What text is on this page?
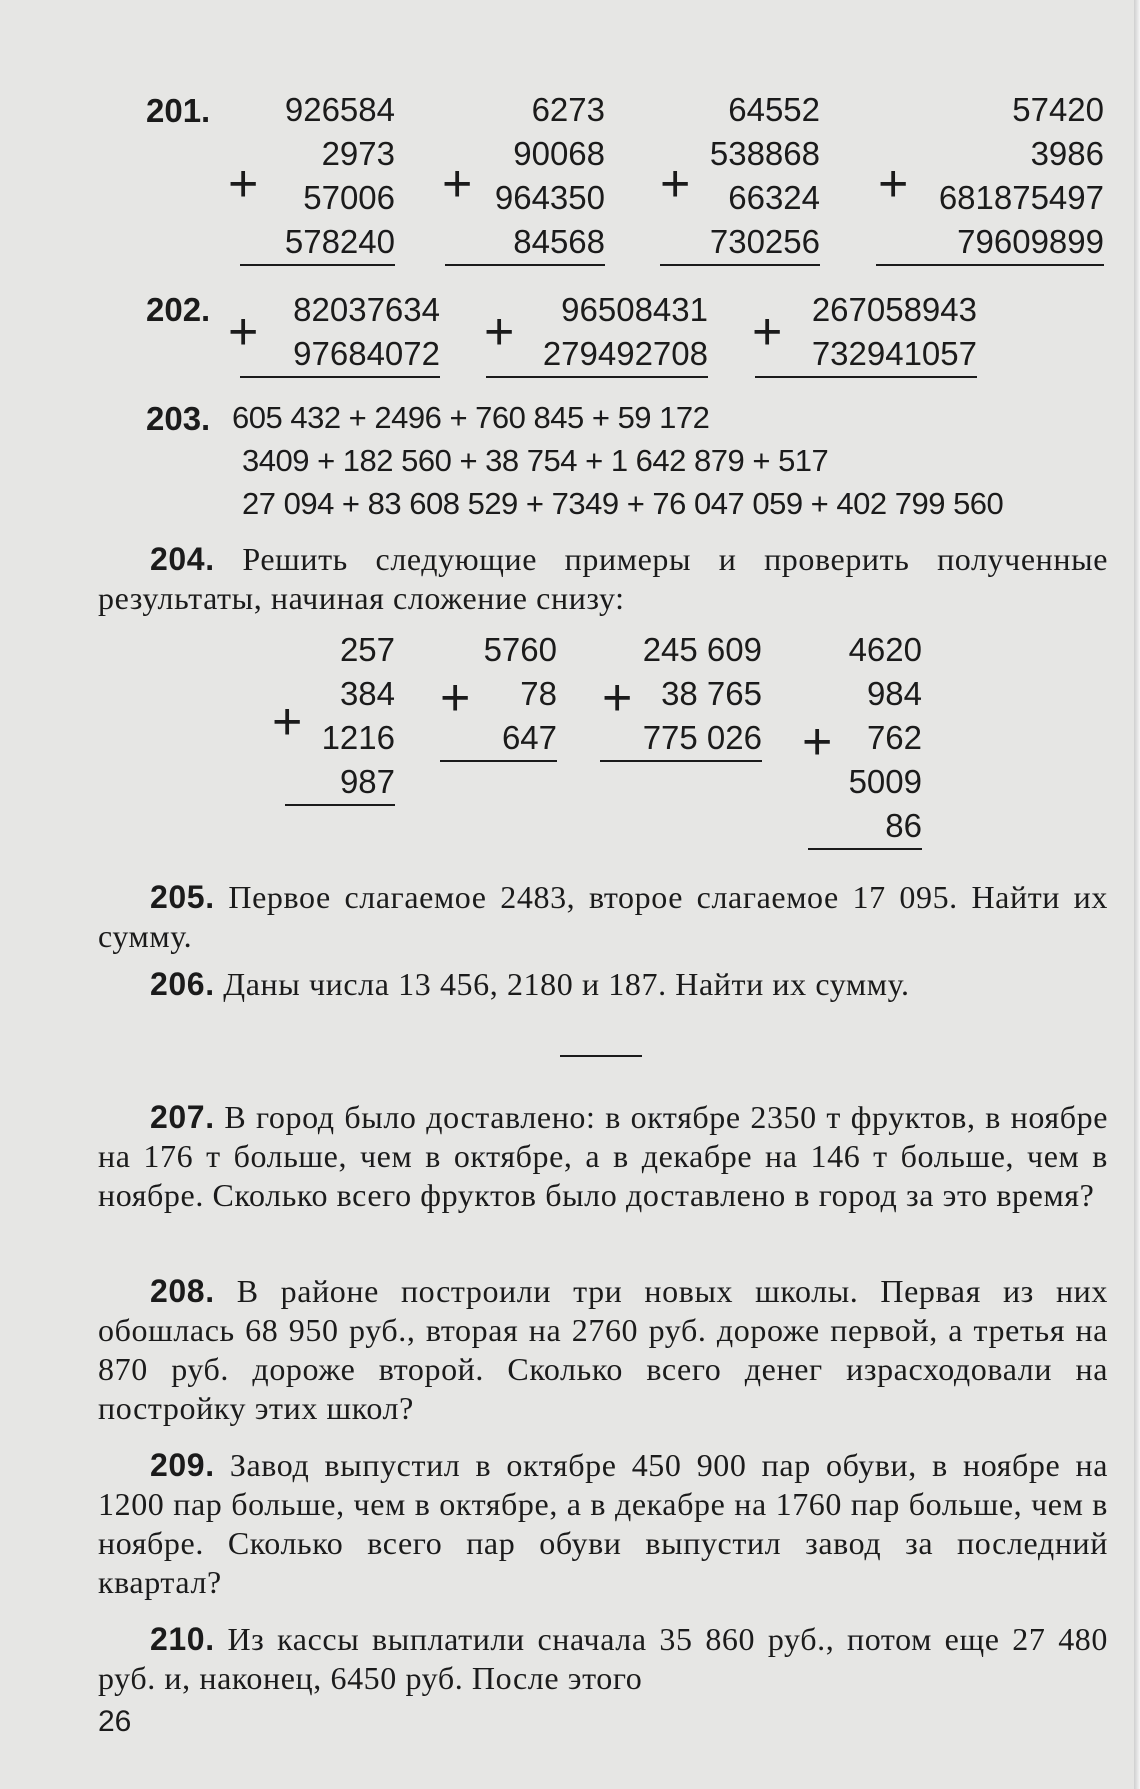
201.
+
926584
2973
57006
578240
+
6273
90068
964350
84568
+
64552
538868
66324
730256
+
57420
3986
681875497
79609899
202. +	82037634
97684072 +	96508431
279492708 + 267058943
732941057
203. 605 432 + 2496 + 760 845 + 59 172
3409 + 182 560 + 38 754 + 1 642 879 + 517
27 094 + 83 608 529 + 7349 + 76 047 059 + 402 799 560

204. Решить следующие примеры и проверить полученные результаты, начиная сложение снизу:

+
257
384
1216
987
+
5760
78
647
+
245 609
38 765
775 026 +
4620
984
762
5009
86

205. Первое слагаемое 2483, второе слагаемое 17 095. Найти их сумму.

206. Даны числа 13 456, 2180 и 187. Найти их сумму.

207. В город было доставлено: в октябре 2350 т фруктов, в ноябре на 176 т больше, чем в октябре, а в декабре на 146 т больше, чем в ноябре. Сколько всего фруктов было доставлено в город за это время?

208. В районе построили три новых школы. Первая из них обошлась 68 950 руб., вторая на 2760 руб. дороже первой, а третья на 870 руб. дороже второй. Сколько всего денег израсходовали на постройку этих школ?

209. Завод выпустил в октябре 450 900 пар обуви, в ноябре на 1200 пар больше, чем в октябре, а в декабре на 1760 пар больше, чем в ноябре. Сколько всего пар обуви выпустил завод за последний квартал?

210. Из кассы выплатили сначала 35 860 руб., потом еще 27 480 руб. и, наконец, 6450 руб. После этого

26
